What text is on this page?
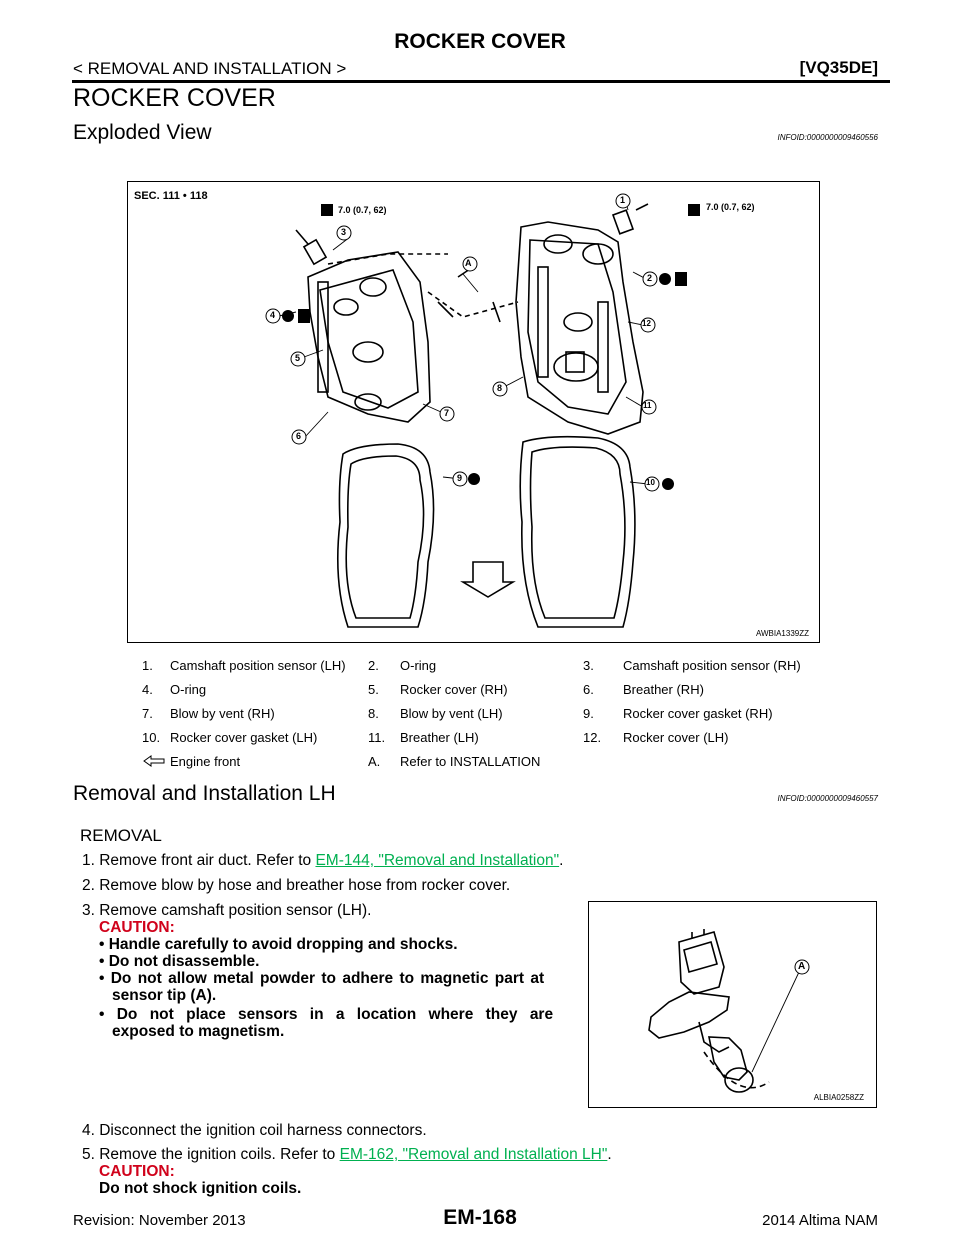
ROCKER COVER
< REMOVAL AND INSTALLATION >	[VQ35DE]
ROCKER COVER
Exploded View	INFOID:0000000009460556
SEC. 111 • 118
7.0 (0.7, 62)	7.0 (0.7, 62)
A
1
2
3
4
5
6
7
8
9	10
11
12
AWBIA1339ZZ
1. Camshaft position sensor (LH) 2. O-ring	3. Camshaft position sensor (RH)
4. O-ring	5. Rocker cover (RH)	6. Breather (RH)
7. Blow by vent (RH)	8. Blow by vent (LH)	9. Rocker cover gasket (RH)
10. Rocker cover gasket (LH)	11. Breather (LH)	12. Rocker cover (LH)
Engine front	A. Refer to INSTALLATION
Removal and Installation LH	INFOID:0000000009460557
REMOVAL
1. Remove front air duct. Refer to EM-144, "Removal and Installation".
2. Remove blow by hose and breather hose from rocker cover.
3. Remove camshaft position sensor (LH).
CAUTION:
• Handle carefully to avoid dropping and shocks.
• Do not disassemble.
• Do not allow metal powder to adhere to magnetic part at
sensor tip (A).
• Do not place sensors in a location where they are
exposed to magnetism.
A
ALBIA0258ZZ
4. Disconnect the ignition coil harness connectors.
5. Remove the ignition coils. Refer to EM-162, "Removal and Installation LH".
CAUTION:
Do not shock ignition coils.
Revision: November 2013	EM-168	2014 Altima NAM
